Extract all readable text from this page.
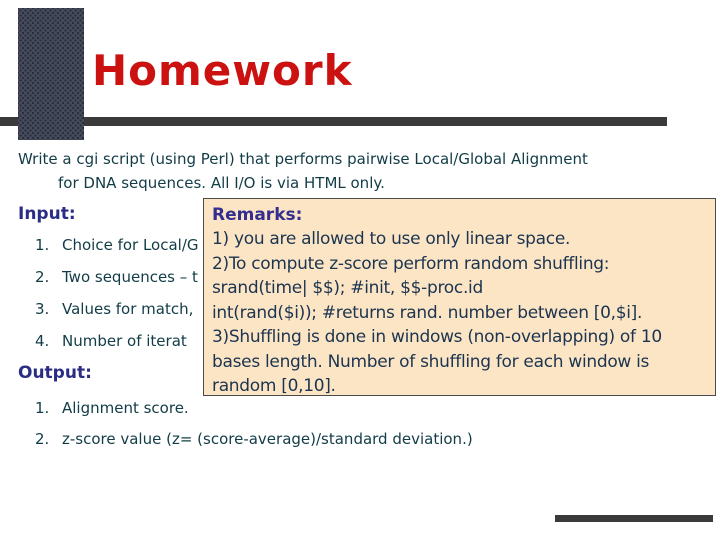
Homework
Write a cgi script (using Perl) that performs pairwise Local/Global Alignment
for DNA sequences. All I/O is via HTML only.
Input:
1. Choice for Local/G
2. Two sequences – t
3. Values for match,
4. Number of iterat
Output:
1. Alignment score.
2. z-score value (z= (score-average)/standard deviation.)
Remarks:
1) you are allowed to use only linear space.
2)To compute z-score perform random shuffling:
srand(time| $$); #init, $$-proc.id
int(rand($i)); #returns rand. number between [0,$i].
3)Shuffling is done in windows (non-overlapping) of 10
bases length. Number of shuffling for each window is
random [0,10].
